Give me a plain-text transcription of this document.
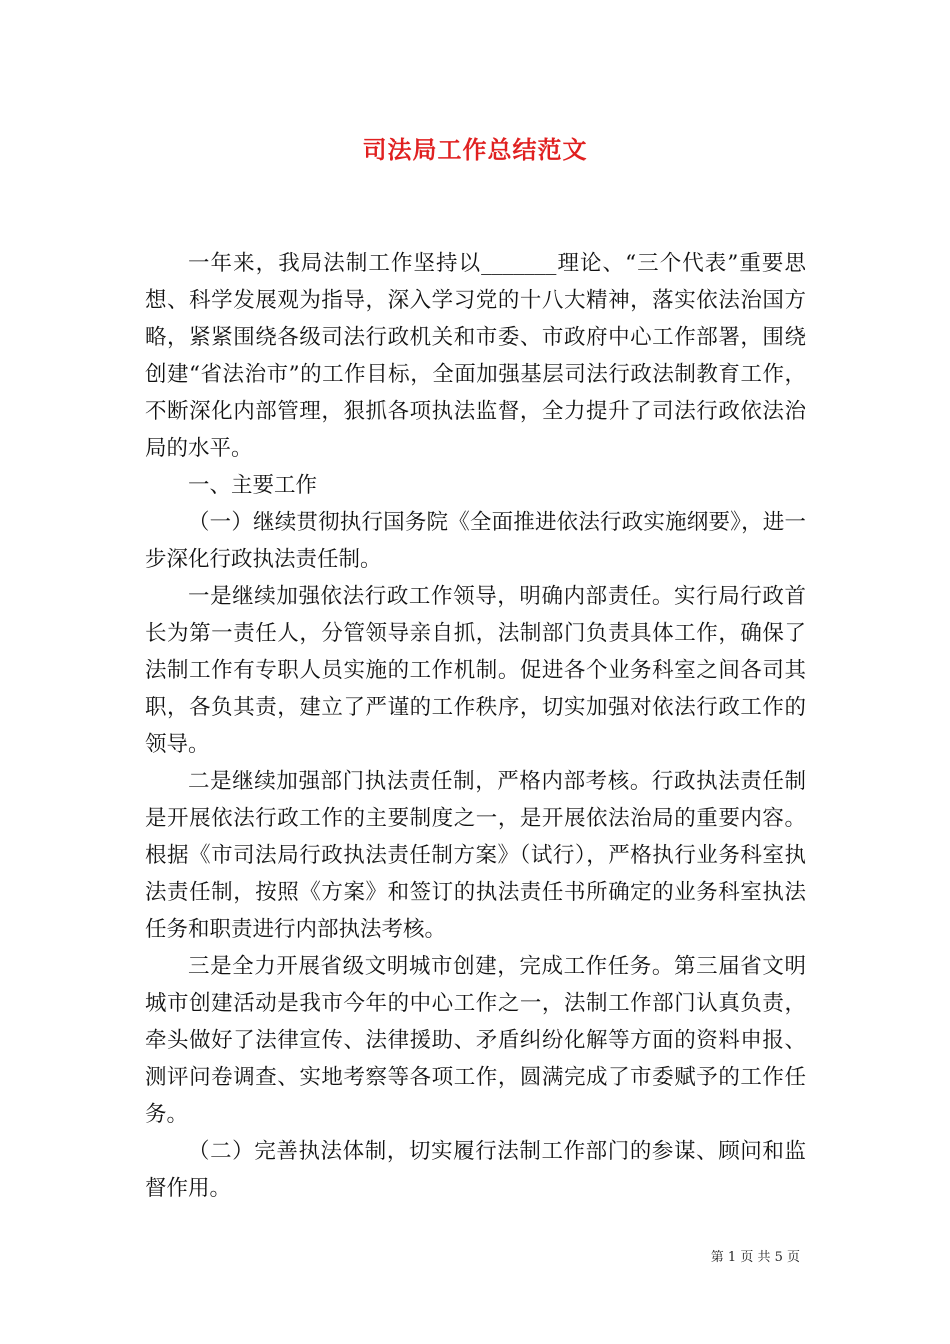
司法局工作总结范文

一年来，我局法制工作坚持以_______理论、“三个代表”重要思想、科学发展观为指导，深入学习党的十八大精神，落实依法治国方略，紧紧围绕各级司法行政机关和市委、市政府中心工作部署，围绕创建“省法治市”的工作目标，全面加强基层司法行政法制教育工作，不断深化内部管理，狠抓各项执法监督，全力提升了司法行政依法治局的水平。

一、主要工作

（一）继续贯彻执行国务院《全面推进依法行政实施纲要》，进一步深化行政执法责任制。

一是继续加强依法行政工作领导，明确内部责任。实行局行政首长为第一责任人，分管领导亲自抓，法制部门负责具体工作，确保了法制工作有专职人员实施的工作机制。促进各个业务科室之间各司其职，各负其责，建立了严谨的工作秩序，切实加强对依法行政工作的领导。

二是继续加强部门执法责任制，严格内部考核。行政执法责任制是开展依法行政工作的主要制度之一，是开展依法治局的重要内容。根据《市司法局行政执法责任制方案》（试行），严格执行业务科室执法责任制，按照《方案》和签订的执法责任书所确定的业务科室执法任务和职责进行内部执法考核。

三是全力开展省级文明城市创建，完成工作任务。第三届省文明城市创建活动是我市今年的中心工作之一，法制工作部门认真负责，牵头做好了法律宣传、法律援助、矛盾纠纷化解等方面的资料申报、测评问卷调查、实地考察等各项工作，圆满完成了市委赋予的工作任务。

（二）完善执法体制，切实履行法制工作部门的参谋、顾问和监督作用。

第 1 页 共 5 页
